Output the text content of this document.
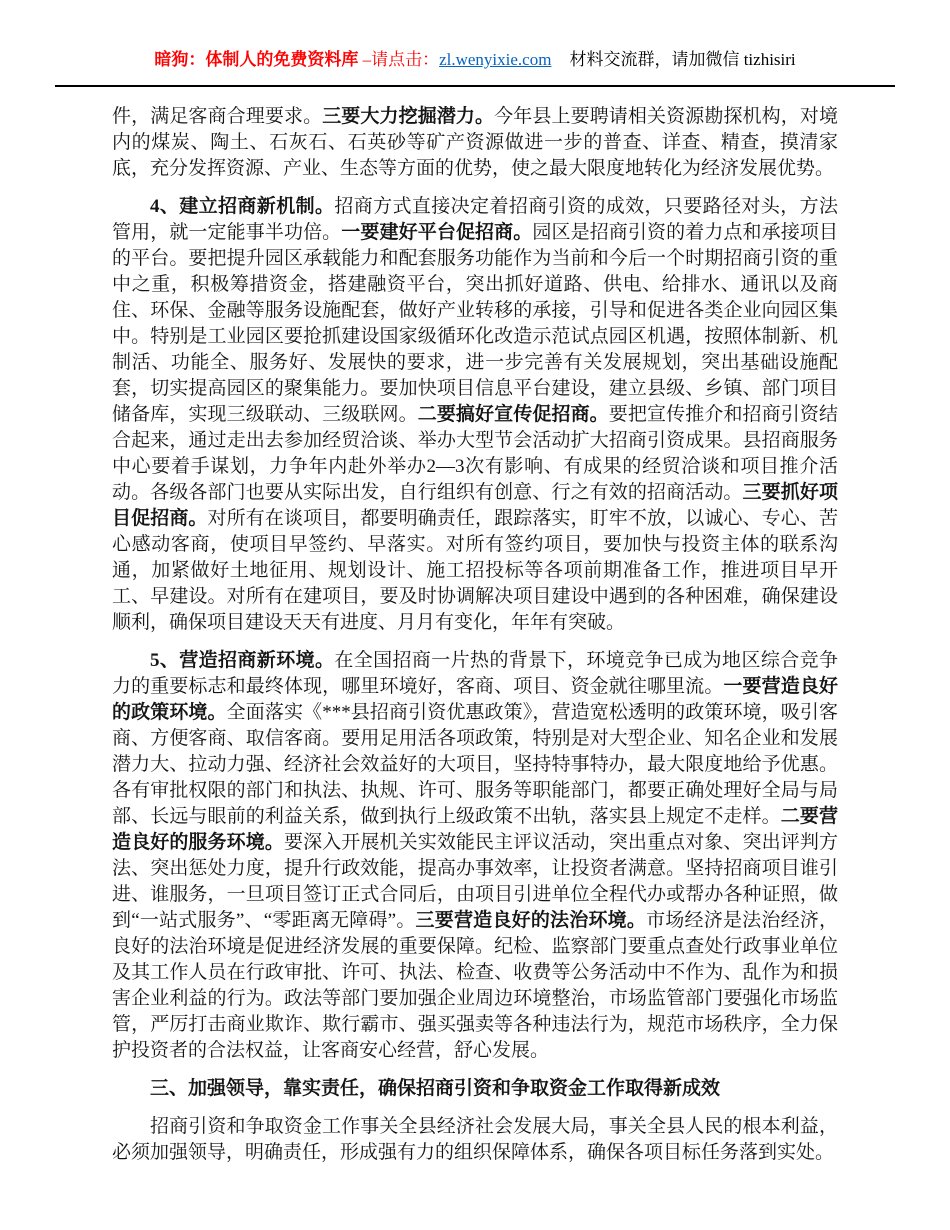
暗狗：体制人的免费资料库 –请点击：zl.wenyixie.com 材料交流群，请加微信 tizhisiri

件，满足客商合理要求。三要大力挖掘潜力。今年县上要聘请相关资源勘探机构，对境内的煤炭、陶土、石灰石、石英砂等矿产资源做进一步的普查、详查、精查，摸清家底，充分发挥资源、产业、生态等方面的优势，使之最大限度地转化为经济发展优势。

4、建立招商新机制。招商方式直接决定着招商引资的成效，只要路径对头，方法管用，就一定能事半功倍。一要建好平台促招商。园区是招商引资的着力点和承接项目的平台。要把提升园区承载能力和配套服务功能作为当前和今后一个时期招商引资的重中之重，积极筹措资金，搭建融资平台，突出抓好道路、供电、给排水、通讯以及商住、环保、金融等服务设施配套，做好产业转移的承接，引导和促进各类企业向园区集中。特别是工业园区要抢抓建设国家级循环化改造示范试点园区机遇，按照体制新、机制活、功能全、服务好、发展快的要求，进一步完善有关发展规划，突出基础设施配套，切实提高园区的聚集能力。要加快项目信息平台建设，建立县级、乡镇、部门项目储备库，实现三级联动、三级联网。二要搞好宣传促招商。要把宣传推介和招商引资结合起来，通过走出去参加经贸洽谈、举办大型节会活动扩大招商引资成果。县招商服务中心要着手谋划，力争年内赴外举办2—3次有影响、有成果的经贸洽谈和项目推介活动。各级各部门也要从实际出发，自行组织有创意、行之有效的招商活动。三要抓好项目促招商。对所有在谈项目，都要明确责任，跟踪落实，盯牢不放，以诚心、专心、苦心感动客商，使项目早签约、早落实。对所有签约项目，要加快与投资主体的联系沟通，加紧做好土地征用、规划设计、施工招投标等各项前期准备工作，推进项目早开工、早建设。对所有在建项目，要及时协调解决项目建设中遇到的各种困难，确保建设顺利，确保项目建设天天有进度、月月有变化，年年有突破。

5、营造招商新环境。在全国招商一片热的背景下，环境竞争已成为地区综合竞争力的重要标志和最终体现，哪里环境好，客商、项目、资金就往哪里流。一要营造良好的政策环境。全面落实《***县招商引资优惠政策》，营造宽松透明的政策环境，吸引客商、方便客商、取信客商。要用足用活各项政策，特别是对大型企业、知名企业和发展潜力大、拉动力强、经济社会效益好的大项目，坚持特事特办，最大限度地给予优惠。各有审批权限的部门和执法、执规、许可、服务等职能部门，都要正确处理好全局与局部、长远与眼前的利益关系，做到执行上级政策不出轨，落实县上规定不走样。二要营造良好的服务环境。要深入开展机关实效能民主评议活动，突出重点对象、突出评判方法、突出惩处力度，提升行政效能，提高办事效率，让投资者满意。坚持招商项目谁引进、谁服务，一旦项目签订正式合同后，由项目引进单位全程代办或帮办各种证照，做到“一站式服务”、“零距离无障碍”。三要营造良好的法治环境。市场经济是法治经济，良好的法治环境是促进经济发展的重要保障。纪检、监察部门要重点查处行政事业单位及其工作人员在行政审批、许可、执法、检查、收费等公务活动中不作为、乱作为和损害企业利益的行为。政法等部门要加强企业周边环境整治，市场监管部门要强化市场监管，严厉打击商业欺诈、欺行霸市、强买强卖等各种违法行为，规范市场秩序，全力保护投资者的合法权益，让客商安心经营，舒心发展。

三、加强领导，靠实责任，确保招商引资和争取资金工作取得新成效

招商引资和争取资金工作事关全县经济社会发展大局，事关全县人民的根本利益，必须加强领导，明确责任，形成强有力的组织保障体系，确保各项目标任务落到实处。
